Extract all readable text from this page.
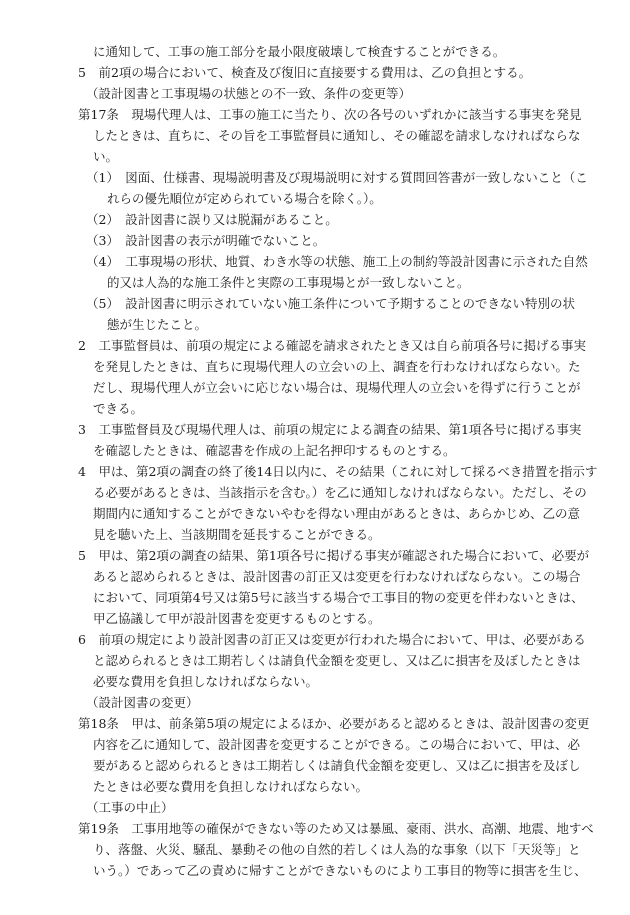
に通知して、工事の施工部分を最小限度破壊して検査することができる。

5　前2項の場合において、検査及び復旧に直接要する費用は、乙の負担とする。

（設計図書と工事現場の状態との不一致、条件の変更等）

第17条　現場代理人は、工事の施工に当たり、次の各号のいずれかに該当する事実を発見

したときは、直ちに、その旨を工事監督員に通知し、その確認を請求しなければならな

い。

（1）　図面、仕様書、現場説明書及び現場説明に対する質問回答書が一致しないこと（こ

れらの優先順位が定められている場合を除く。）。

（2）　設計図書に誤り又は脱漏があること。

（3）　設計図書の表示が明確でないこと。

（4）　工事現場の形状、地質、わき水等の状態、施工上の制約等設計図書に示された自然

的又は人為的な施工条件と実際の工事現場とが一致しないこと。

（5）　設計図書に明示されていない施工条件について予期することのできない特別の状

態が生じたこと。

2　工事監督員は、前項の規定による確認を請求されたとき又は自ら前項各号に掲げる事実

を発見したときは、直ちに現場代理人の立会いの上、調査を行わなければならない。た

だし、現場代理人が立会いに応じない場合は、現場代理人の立会いを得ずに行うことが

できる。

3　工事監督員及び現場代理人は、前項の規定による調査の結果、第1項各号に掲げる事実

を確認したときは、確認書を作成の上記名押印するものとする。

4　甲は、第2項の調査の終了後14日以内に、その結果（これに対して採るべき措置を指示す

る必要があるときは、当該指示を含む。）を乙に通知しなければならない。ただし、その

期間内に通知することができないやむを得ない理由があるときは、あらかじめ、乙の意

見を聴いた上、当該期間を延長することができる。

5　甲は、第2項の調査の結果、第1項各号に掲げる事実が確認された場合において、必要が

あると認められるときは、設計図書の訂正又は変更を行わなければならない。この場合

において、同項第4号又は第5号に該当する場合で工事目的物の変更を伴わないときは、

甲乙協議して甲が設計図書を変更するものとする。

6　前項の規定により設計図書の訂正又は変更が行われた場合において、甲は、必要がある

と認められるときは工期若しくは請負代金額を変更し、又は乙に損害を及ぼしたときは

必要な費用を負担しなければならない。

（設計図書の変更）

第18条　甲は、前条第5項の規定によるほか、必要があると認めるときは、設計図書の変更

内容を乙に通知して、設計図書を変更することができる。この場合において、甲は、必

要があると認められるときは工期若しくは請負代金額を変更し、又は乙に損害を及ぼし

たときは必要な費用を負担しなければならない。

（工事の中止）

第19条　工事用地等の確保ができない等のため又は暴風、豪雨、洪水、高潮、地震、地すべ

り、落盤、火災、騒乱、暴動その他の自然的若しくは人為的な事象（以下「天災等」と

いう。）であって乙の責めに帰すことができないものにより工事目的物等に損害を生じ、
